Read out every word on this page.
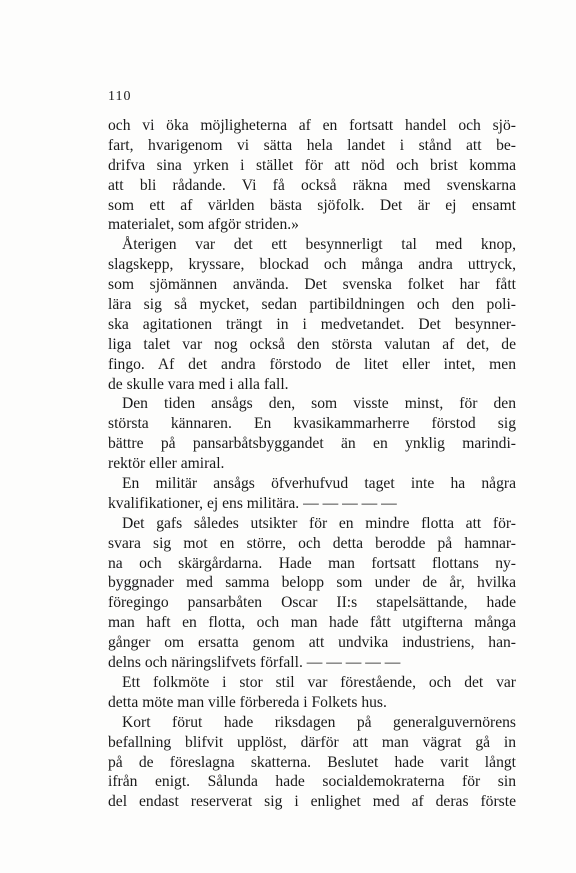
110
och vi öka möjligheterna af en fortsatt handel och sjö-
fart, hvarigenom vi sätta hela landet i stånd att be-
drifva sina yrken i stället för att nöd och brist komma
att bli rådande. Vi få också räkna med svenskarna
som ett af världen bästa sjöfolk. Det är ej ensamt
materialet, som afgör striden.»
Återigen var det ett besynnerligt tal med knop,
slagskepp, kryssare, blockad och många andra uttryck,
som sjömännen använda. Det svenska folket har fått
lära sig så mycket, sedan partibildningen och den poli-
ska agitationen trängt in i medvetandet. Det besynner-
liga talet var nog också den största valutan af det, de
fingo. Af det andra förstodo de litet eller intet, men
de skulle vara med i alla fall.
Den tiden ansågs den, som visste minst, för den
största kännaren. En kvasikammarherre förstod sig
bättre på pansarbåtsbyggandet än en ynklig marindi-
rektör eller amiral.
En militär ansågs öfverhufvud taget inte ha några
kvalifikationer, ej ens militära. — — — — —
Det gafs således utsikter för en mindre flotta att för-
svara sig mot en större, och detta berodde på hamnar-
na och skärgårdarna. Hade man fortsatt flottans ny-
byggnader med samma belopp som under de år, hvilka
föregingo pansarbåten Oscar II:s stapelsättande, hade
man haft en flotta, och man hade fått utgifterna många
gånger om ersatta genom att undvika industriens, han-
delns och näringslifvets förfall. — — — — —
Ett folkmöte i stor stil var förestående, och det var
detta möte man ville förbereda i Folkets hus.
Kort förut hade riksdagen på generalguvernörens
befallning blifvit upplöst, därför att man vägrat gå in
på de föreslagna skatterna. Beslutet hade varit långt
ifrån enigt. Sålunda hade socialdemokraterna för sin
del endast reserverat sig i enlighet med af deras förste
